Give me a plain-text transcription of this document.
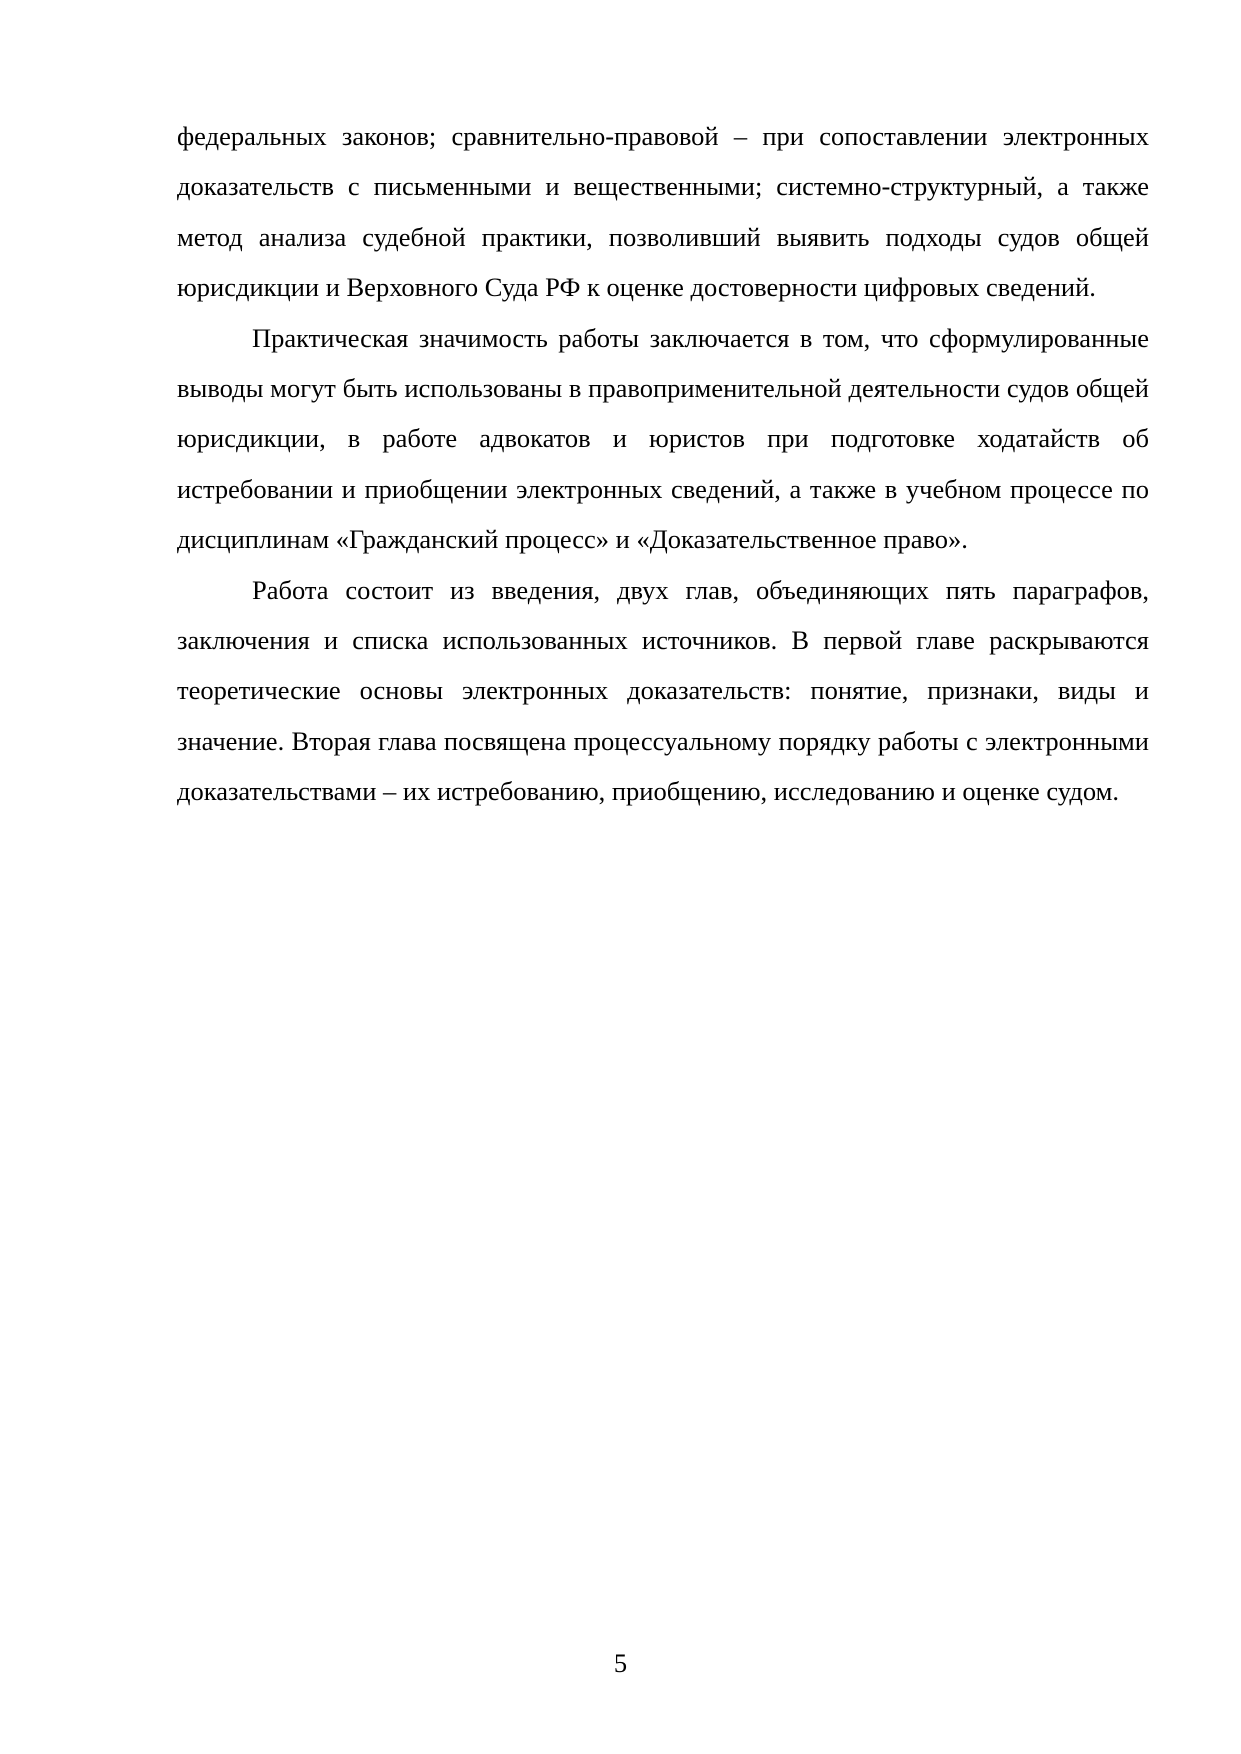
федеральных законов; сравнительно-правовой – при сопоставлении электронных доказательств с письменными и вещественными; системно-структурный, а также метод анализа судебной практики, позволивший выявить подходы судов общей юрисдикции и Верховного Суда РФ к оценке достоверности цифровых сведений.

Практическая значимость работы заключается в том, что сформулированные выводы могут быть использованы в правоприменительной деятельности судов общей юрисдикции, в работе адвокатов и юристов при подготовке ходатайств об истребовании и приобщении электронных сведений, а также в учебном процессе по дисциплинам «Гражданский процесс» и «Доказательственное право».

Работа состоит из введения, двух глав, объединяющих пять параграфов, заключения и списка использованных источников. В первой главе раскрываются теоретические основы электронных доказательств: понятие, признаки, виды и значение. Вторая глава посвящена процессуальному порядку работы с электронными доказательствами – их истребованию, приобщению, исследованию и оценке судом.

5
